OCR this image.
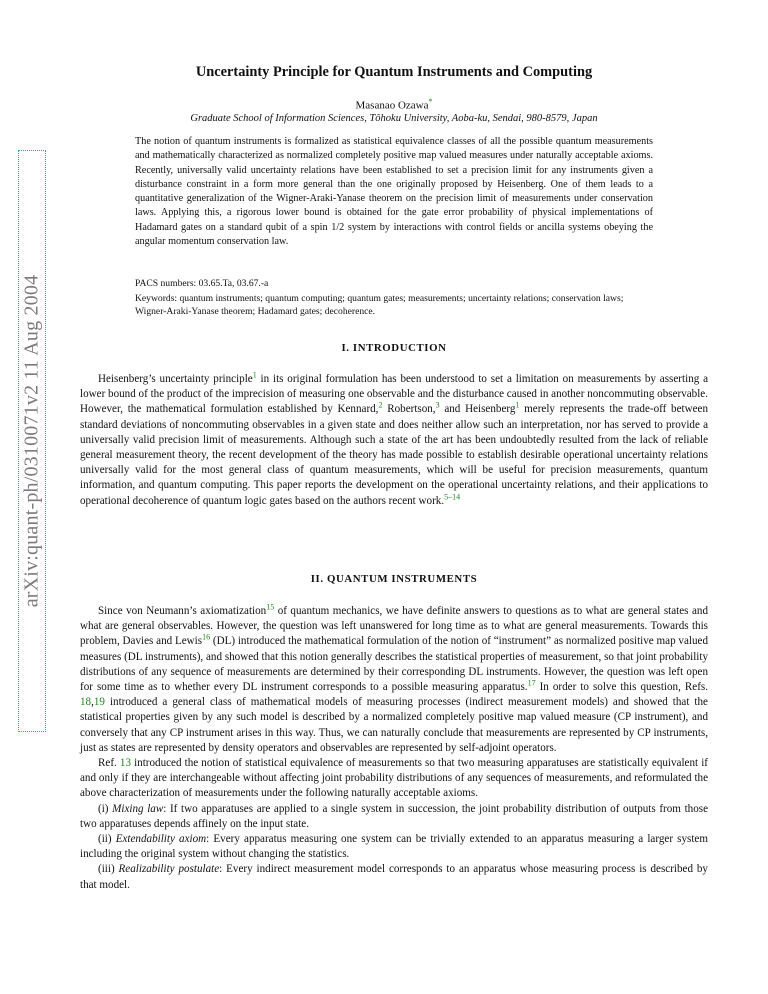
arXiv:quant-ph/0310071v2 11 Aug 2004
Uncertainty Principle for Quantum Instruments and Computing
Masanao Ozawa*
Graduate School of Information Sciences, Tôhoku University, Aoba-ku, Sendai, 980-8579, Japan
The notion of quantum instruments is formalized as statistical equivalence classes of all the possible quantum measurements and mathematically characterized as normalized completely positive map valued measures under naturally acceptable axioms. Recently, universally valid uncertainty relations have been established to set a precision limit for any instruments given a disturbance constraint in a form more general than the one originally proposed by Heisenberg. One of them leads to a quantitative generalization of the Wigner-Araki-Yanase theorem on the precision limit of measurements under conservation laws. Applying this, a rigorous lower bound is obtained for the gate error probability of physical implementations of Hadamard gates on a standard qubit of a spin 1/2 system by interactions with control fields or ancilla systems obeying the angular momentum conservation law.
PACS numbers: 03.65.Ta, 03.67.-a
Keywords: quantum instruments; quantum computing; quantum gates; measurements; uncertainty relations; conservation laws; Wigner-Araki-Yanase theorem; Hadamard gates; decoherence.
I. INTRODUCTION

Heisenberg’s uncertainty principle$^1$ in its original formulation has been understood to set a limitation on measurements by asserting a lower bound of the product of the imprecision of measuring one observable and the disturbance caused in another noncommuting observable. However, the mathematical formulation established by Kennard,$^2$ Robertson,$^3$ and Heisenberg$^1$ merely represents the trade-off between standard deviations of noncommuting observables in a given state and does neither allow such an interpretation, nor has served to provide a universally valid precision limit of measurements. Although such a state of the art has been undoubtedly resulted from the lack of reliable general measurement theory, the recent development of the theory has made possible to establish desirable operational uncertainty relations universally valid for the most general class of quantum measurements, which will be useful for precision measurements, quantum information, and quantum computing. This paper reports the development on the operational uncertainty relations, and their applications to operational decoherence of quantum logic gates based on the authors recent work.$^{5-14}$

II. QUANTUM INSTRUMENTS

Since von Neumann’s axiomatization$^{15}$ of quantum mechanics, we have definite answers to questions as to what are general states and what are general observables. However, the question was left unanswered for long time as to what are general measurements. Towards this problem, Davies and Lewis$^{16}$ (DL) introduced the mathematical formulation of the notion of “instrument” as normalized positive map valued measures (DL instruments), and showed that this notion generally describes the statistical properties of measurement, so that joint probability distributions of any sequence of measurements are determined by their corresponding DL instruments. However, the question was left open for some time as to whether every DL instrument corresponds to a possible measuring apparatus.$^{17}$ In order to solve this question, Refs. 18,19 introduced a general class of mathematical models of measuring processes (indirect measurement models) and showed that the statistical properties given by any such model is described by a normalized completely positive map valued measure (CP instrument), and conversely that any CP instrument arises in this way. Thus, we can naturally conclude that measurements are represented by CP instruments, just as states are represented by density operators and observables are represented by self-adjoint operators.

Ref. 13 introduced the notion of statistical equivalence of measurements so that two measuring apparatuses are statistically equivalent if and only if they are interchangeable without affecting joint probability distributions of any sequences of measurements, and reformulated the above characterization of measurements under the following naturally acceptable axioms.

(i) Mixing law: If two apparatuses are applied to a single system in succession, the joint probability distribution of outputs from those two apparatuses depends affinely on the input state.

(ii) Extendability axiom: Every apparatus measuring one system can be trivially extended to an apparatus measuring a larger system including the original system without changing the statistics.

(iii) Realizability postulate: Every indirect measurement model corresponds to an apparatus whose measuring process is described by that model.
